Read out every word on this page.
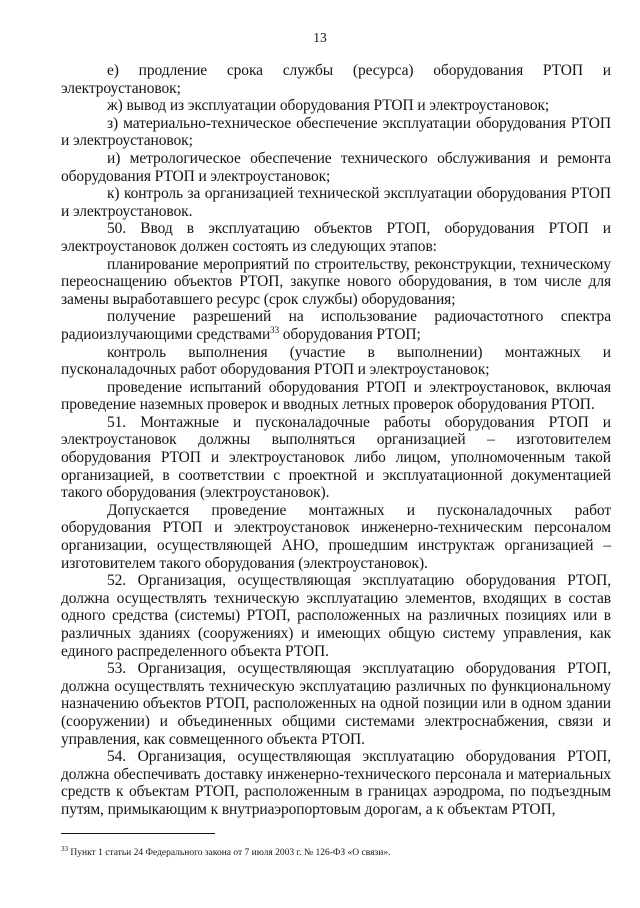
13

е) продление срока службы (ресурса) оборудования РТОП и электроустановок;

ж) вывод из эксплуатации оборудования РТОП и электроустановок;

з) материально-техническое обеспечение эксплуатации оборудования РТОП и электроустановок;

и) метрологическое обеспечение технического обслуживания и ремонта оборудования РТОП и электроустановок;

к) контроль за организацией технической эксплуатации оборудования РТОП и электроустановок.

50. Ввод в эксплуатацию объектов РТОП, оборудования РТОП и электроустановок должен состоять из следующих этапов:

планирование мероприятий по строительству, реконструкции, техническому переоснащению объектов РТОП, закупке нового оборудования, в том числе для замены выработавшего ресурс (срок службы) оборудования;

получение разрешений на использование радиочастотного спектра радиоизлучающими средствами$^{33}$ оборудования РТОП;

контроль выполнения (участие в выполнении) монтажных и пусконаладочных работ оборудования РТОП и электроустановок;

проведение испытаний оборудования РТОП и электроустановок, включая проведение наземных проверок и вводных летных проверок оборудования РТОП.

51. Монтажные и пусконаладочные работы оборудования РТОП и электроустановок должны выполняться организацией – изготовителем оборудования РТОП и электроустановок либо лицом, уполномоченным такой организацией, в соответствии с проектной и эксплуатационной документацией такого оборудования (электроустановок).

Допускается проведение монтажных и пусконаладочных работ оборудования РТОП и электроустановок инженерно-техническим персоналом организации, осуществляющей АНО, прошедшим инструктаж организацией – изготовителем такого оборудования (электроустановок).

52. Организация, осуществляющая эксплуатацию оборудования РТОП, должна осуществлять техническую эксплуатацию элементов, входящих в состав одного средства (системы) РТОП, расположенных на различных позициях или в различных зданиях (сооружениях) и имеющих общую систему управления, как единого распределенного объекта РТОП.

53. Организация, осуществляющая эксплуатацию оборудования РТОП, должна осуществлять техническую эксплуатацию различных по функциональному назначению объектов РТОП, расположенных на одной позиции или в одном здании (сооружении) и объединенных общими системами электроснабжения, связи и управления, как совмещенного объекта РТОП.

54. Организация, осуществляющая эксплуатацию оборудования РТОП, должна обеспечивать доставку инженерно-технического персонала и материальных средств к объектам РТОП, расположенным в границах аэродрома, по подъездным путям, примыкающим к внутриаэропортовым дорогам, а к объектам РТОП,

$^{33}$ Пункт 1 статьи 24 Федерального закона от 7 июля 2003 г. № 126-ФЗ «О связи».
